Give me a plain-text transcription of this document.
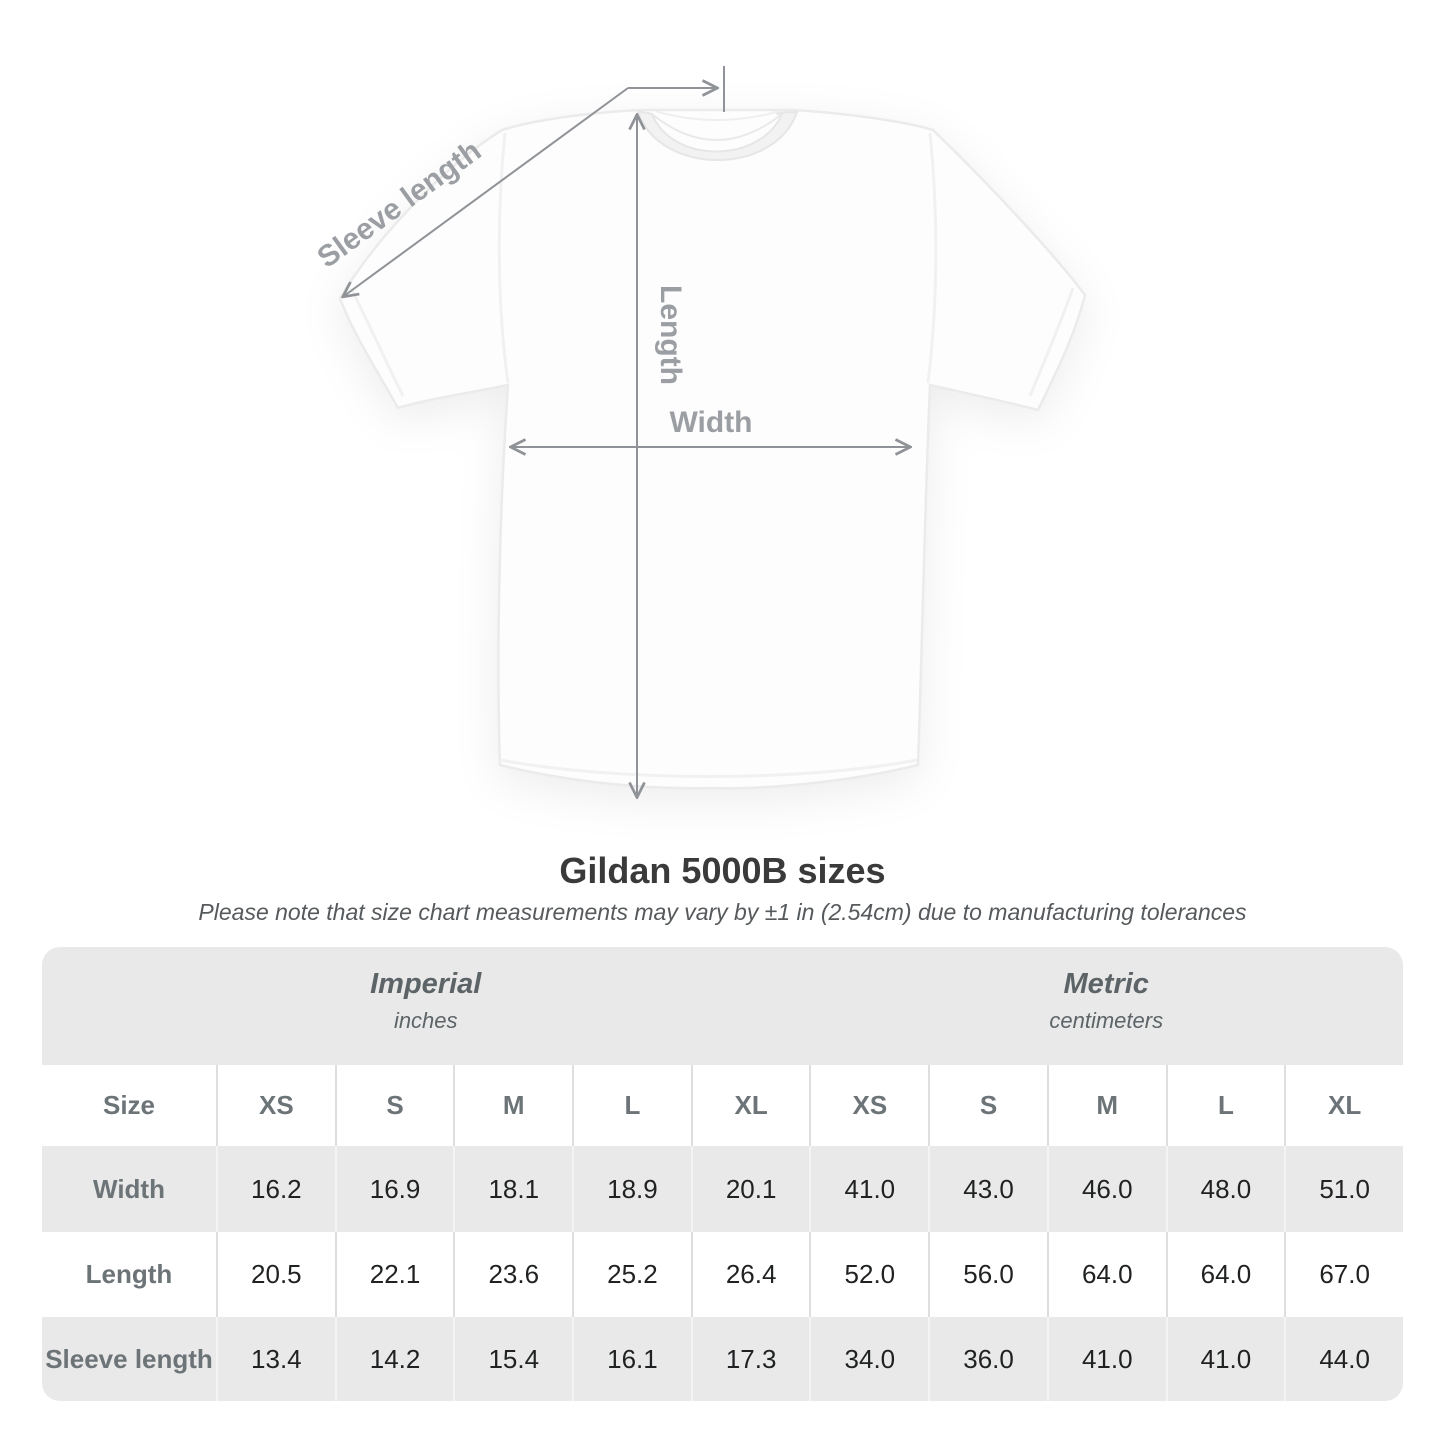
Sleeve length
Length
Width
Gildan 5000B sizes
Please note that size chart measurements may vary by ±1 in (2.54cm) due to manufacturing tolerances
Imperial
inches
Metric
centimeters
Size	XS	S	M	L	XL	XS	S	M	L	XL
Width	16.2	16.9	18.1	18.9	20.1	41.0	43.0	46.0	48.0	51.0
Length	20.5	22.1	23.6	25.2	26.4	52.0	56.0	64.0	64.0	67.0
Sleeve length	13.4	14.2	15.4	16.1	17.3	34.0	36.0	41.0	41.0	44.0
